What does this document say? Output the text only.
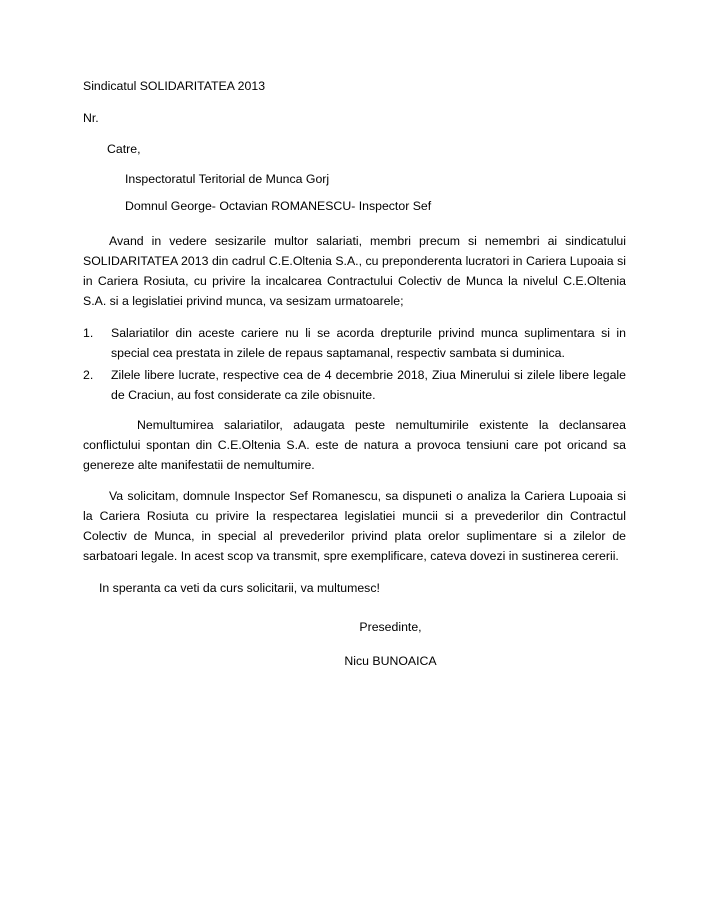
Sindicatul SOLIDARITATEA 2013

Nr.

Catre,

Inspectoratul Teritorial de Munca Gorj

Domnul George- Octavian ROMANESCU- Inspector Sef

Avand in vedere sesizarile multor salariati, membri precum si nemembri ai sindicatului SOLIDARITATEA 2013 din cadrul C.E.Oltenia S.A., cu preponderenta lucratori in Cariera Lupoaia si in Cariera Rosiuta, cu privire la incalcarea Contractului Colectiv de Munca la nivelul C.E.Oltenia S.A. si a legislatiei privind munca, va sesizam urmatoarele;

1. Salariatilor din aceste cariere nu li se acorda drepturile privind munca suplimentara si in special cea prestata in zilele de repaus saptamanal, respectiv sambata si duminica.
2. Zilele libere lucrate, respective cea de 4 decembrie 2018, Ziua Minerului si zilele libere legale de Craciun, au fost considerate ca zile obisnuite.

Nemultumirea salariatilor, adaugata peste nemultumirile existente la declansarea conflictului spontan din C.E.Oltenia S.A. este de natura a provoca tensiuni care pot oricand sa genereze alte manifestatii de nemultumire.

Va solicitam, domnule Inspector Sef Romanescu, sa dispuneti o analiza la Cariera Lupoaia si la Cariera Rosiuta cu privire la respectarea legislatiei muncii si a prevederilor din Contractul Colectiv de Munca, in special al prevederilor privind plata orelor suplimentare si a zilelor de sarbatoari legale. In acest scop va transmit, spre exemplificare, cateva dovezi in sustinerea cererii.

In speranta ca veti da curs solicitarii, va multumesc!

Presedinte,

Nicu BUNOAICA
